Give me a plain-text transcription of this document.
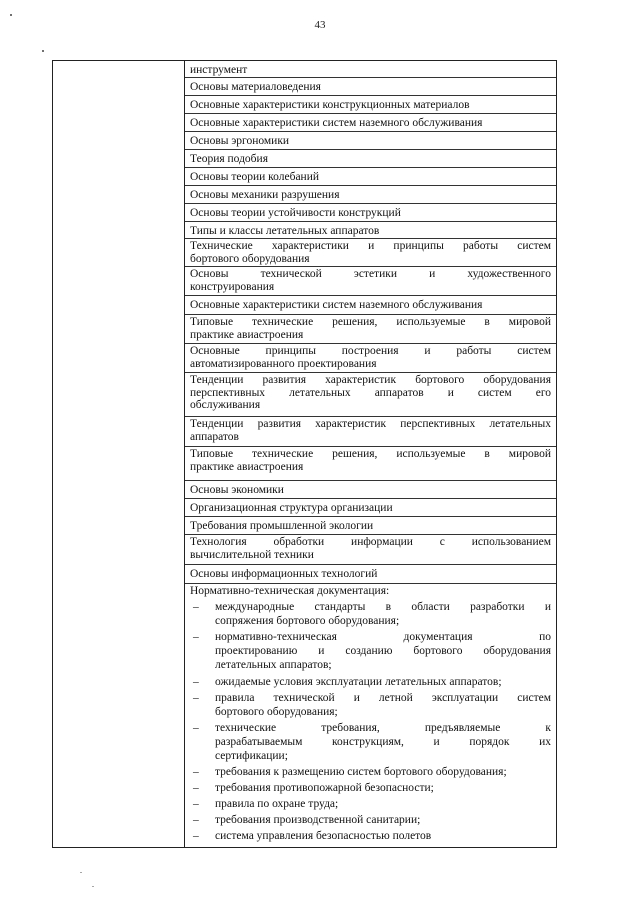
43
инструмент
Основы материаловедения
Основные характеристики конструкционных материалов
Основные характеристики систем наземного обслуживания
Основы эргономики
Теория подобия
Основы теории колебаний
Основы механики разрушения
Основы теории устойчивости конструкций
Типы и классы летательных аппаратов
Технические характеристики и принципы работы систем
бортового оборудования
Основы технической эстетики и художественного
конструирования
Основные характеристики систем наземного обслуживания
Типовые технические решения, используемые в мировой
практике авиастроения
Основные принципы построения и работы систем
автоматизированного проектирования
Тенденции развития характеристик бортового оборудования
перспективных летательных аппаратов и систем его
обслуживания
Тенденции развития характеристик перспективных летательных
аппаратов
Типовые технические решения, используемые в мировой
практике авиастроения
Основы экономики
Организационная структура организации
Требования промышленной экологии
Технология обработки информации с использованием
вычислительной техники
Основы информационных технологий
Нормативно-техническая документация:
– международные стандарты в области разработки и
сопряжения бортового оборудования;
– нормативно-техническая документация по
проектированию и созданию бортового оборудования
летательных аппаратов;
– ожидаемые условия эксплуатации летательных аппаратов;
– правила технической и летной эксплуатации систем
бортового оборудования;
– технические требования, предъявляемые к
разрабатываемым конструкциям, и порядок их
сертификации;
– требования к размещению систем бортового оборудования;
– требования противопожарной безопасности;
– правила по охране труда;
– требования производственной санитарии;
– система управления безопасностью полетов
